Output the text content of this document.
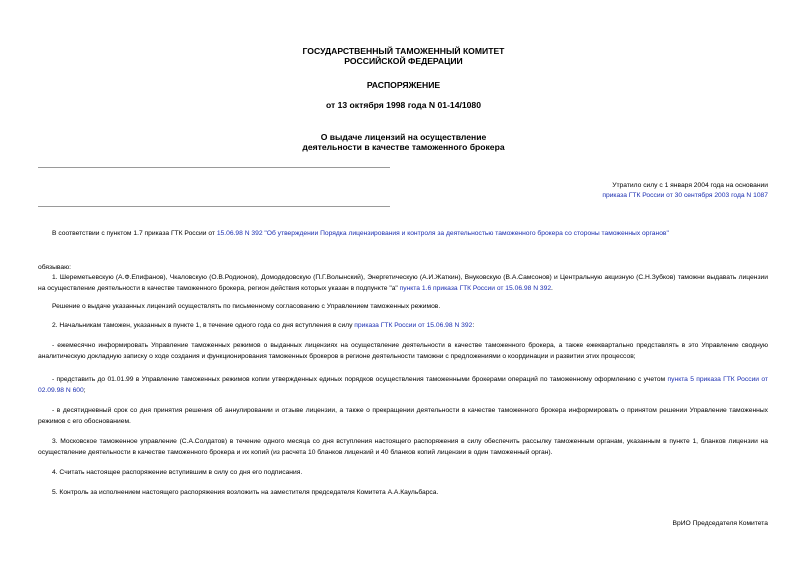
ГОСУДАРСТВЕННЫЙ ТАМОЖЕННЫЙ КОМИТЕТ
РОССИЙСКОЙ ФЕДЕРАЦИИ
РАСПОРЯЖЕНИЕ
от 13 октября 1998 года N 01-14/1080
О выдаче лицензий на осуществление
деятельности в качестве таможенного брокера
Утратило силу с 1 января 2004 года на основании
приказа ГТК России от 30 сентября 2003 года N 1087
В соответствии с пунктом 1.7 приказа ГТК России от 15.06.98 N 392 "Об утверждении Порядка лицензирования и контроля за деятельностью таможенного брокера со стороны таможенных органов"
обязываю:
1. Шереметьевскую (А.Ф.Епифанов), Чкаловскую (О.В.Родионов), Домодедовскую (П.Г.Волынский), Энергетическую (А.И.Жаткин), Внуковскую (В.А.Самсонов) и Центральную акцизную (С.Н.Зубков) таможни выдавать лицензии на осуществление деятельности в качестве таможенного брокера, регион действия которых указан в подпункте "а" пункта 1.6 приказа ГТК России от 15.06.98 N 392.
Решение о выдаче указанных лицензий осуществлять по письменному согласованию с Управлением таможенных режимов.
2. Начальникам таможен, указанных в пункте 1, в течение одного года со дня вступления в силу приказа ГТК России от 15.06.98 N 392:
- ежемесячно информировать Управление таможенных режимов о выданных лицензиях на осуществление деятельности в качестве таможенного брокера, а также ежеквартально представлять в это Управление сводную аналитическую докладную записку о ходе создания и функционирования таможенных брокеров в регионе деятельности таможни с предложениями о координации и развитии этих процессов;
- представить до 01.01.99 в Управление таможенных режимов копии утвержденных единых порядков осуществления таможенными брокерами операций по таможенному оформлению с учетом пункта 5 приказа ГТК России от 02.09.98 N 600;
- в десятидневный срок со дня принятия решения об аннулировании и отзыве лицензии, а также о прекращении деятельности в качестве таможенного брокера информировать о принятом решении Управление таможенных режимов с его обоснованием.
3. Московское таможенное управление (С.А.Солдатов) в течение одного месяца со дня вступления настоящего распоряжения в силу обеспечить рассылку таможенным органам, указанным в пункте 1, бланков лицензии на осуществление деятельности в качестве таможенного брокера и их копий (из расчета 10 бланков лицензий и 40 бланков копий лицензии в один таможенный орган).
4. Считать настоящее распоряжение вступившим в силу со дня его подписания.
5. Контроль за исполнением настоящего распоряжения возложить на заместителя председателя Комитета А.А.Каульбарса.
ВрИО Председателя Комитета
